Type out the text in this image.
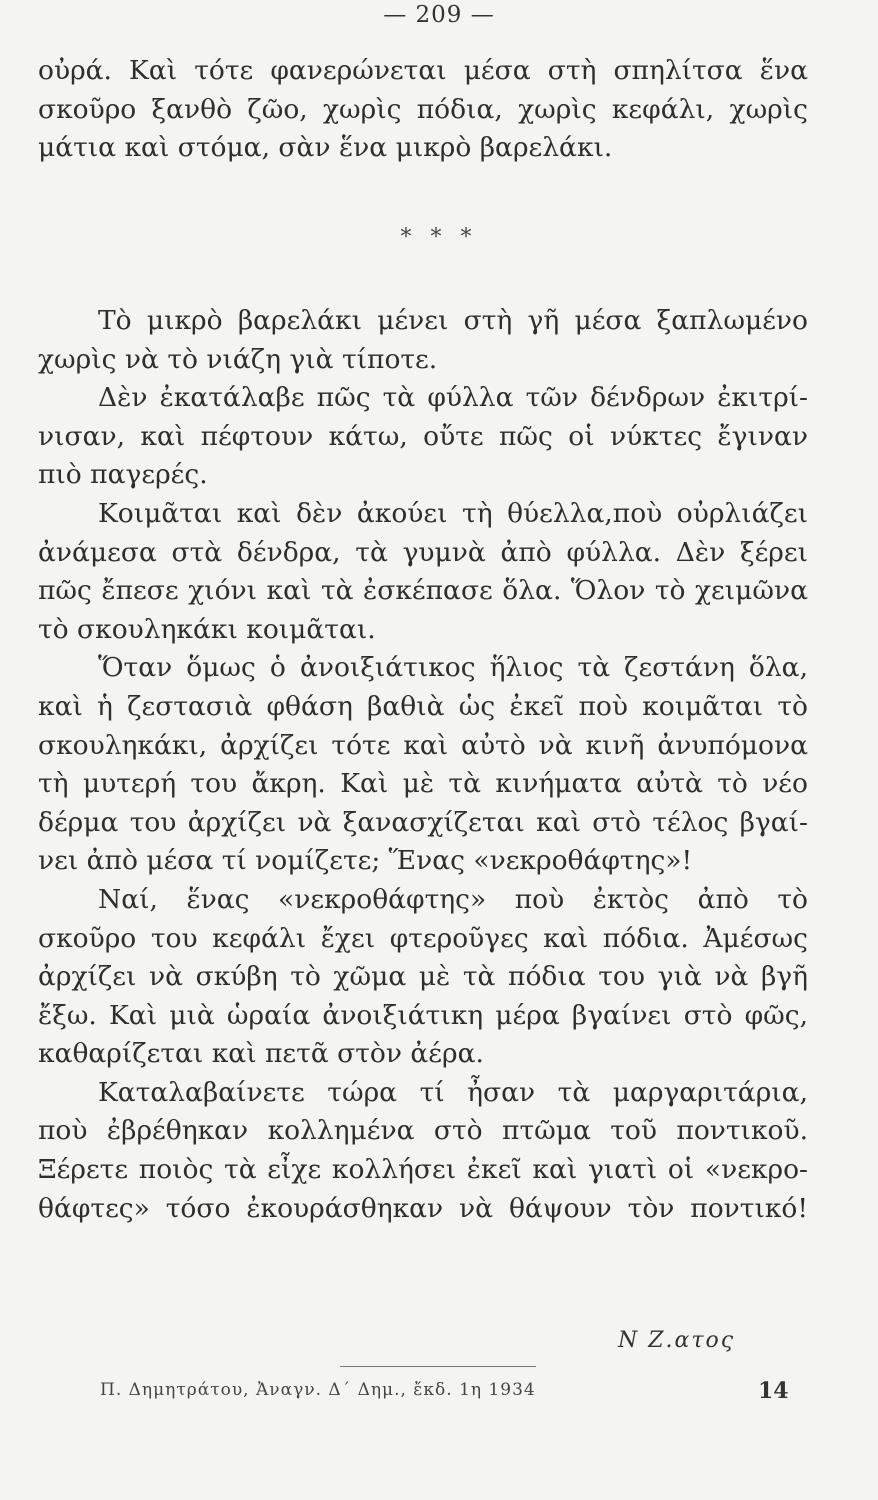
— 209 —
οὐρά. Καὶ τότε φανερώνεται μέσα στὴ σπηλίτσα ἕνα
σκοῦρο ξανθὸ ζῶο, χωρὶς πόδια, χωρὶς κεφάλι, χωρὶς
μάτια καὶ στόμα, σὰν ἕνα μικρὸ βαρελάκι.
* * *
Τὸ μικρὸ βαρελάκι μένει στὴ γῆ μέσα ξαπλωμένο
χωρὶς νὰ τὸ νιάζη γιὰ τίποτε.
Δὲν ἐκατάλαβε πῶς τὰ φύλλα τῶν δένδρων ἐκιτρί-
νισαν, καὶ πέφτουν κάτω, οὔτε πῶς οἱ νύκτες ἔγιναν
πιὸ παγερές.
Κοιμᾶται καὶ δὲν ἀκούει τὴ θύελλα,ποὺ οὐρλιάζει
ἀνάμεσα στὰ δένδρα, τὰ γυμνὰ ἀπὸ φύλλα. Δὲν ξέρει
πῶς ἔπεσε χιόνι καὶ τὰ ἐσκέπασε ὅλα. Ὅλον τὸ χειμῶνα
τὸ σκουληκάκι κοιμᾶται.
Ὅταν ὅμως ὁ ἀνοιξιάτικος ἥλιος τὰ ζεστάνη ὅλα,
καὶ ἡ ζεστασιὰ φθάση βαθιὰ ὡς ἐκεῖ ποὺ κοιμᾶται τὸ
σκουληκάκι, ἀρχίζει τότε καὶ αὐτὸ νὰ κινῆ ἀνυπόμονα
τὴ μυτερή του ἄκρη. Καὶ μὲ τὰ κινήματα αὐτὰ τὸ νέο
δέρμα του ἀρχίζει νὰ ξανασχίζεται καὶ στὸ τέλος βγαί-
νει ἀπὸ μέσα τί νομίζετε; Ἕνας «νεκροθάφτης»!
Ναί, ἕνας «νεκροθάφτης» ποὺ ἐκτὸς ἀπὸ τὸ
σκοῦρο του κεφάλι ἔχει φτεροῦγες καὶ πόδια. Ἀμέσως
ἀρχίζει νὰ σκύβη τὸ χῶμα μὲ τὰ πόδια του γιὰ νὰ βγῆ
ἔξω. Καὶ μιὰ ὡραία ἀνοιξιάτικη μέρα βγαίνει στὸ φῶς,
καθαρίζεται καὶ πετᾶ στὸν ἀέρα.
Καταλαβαίνετε τώρα τί ἦσαν τὰ μαργαριτάρια,
ποὺ ἐβρέθηκαν κολλημένα στὸ πτῶμα τοῦ ποντικοῦ.
Ξέρετε ποιὸς τὰ εἶχε κολλήσει ἐκεῖ καὶ γιατὶ οἱ «νεκρο-
θάφτες» τόσο ἐκουράσθηκαν νὰ θάψουν τὸν ποντικό!
Ν Ζ.ατος
Π. Δημητράτου, Ἀναγν. Δ΄ Δημ., ἔκδ. 1η 1934	14
